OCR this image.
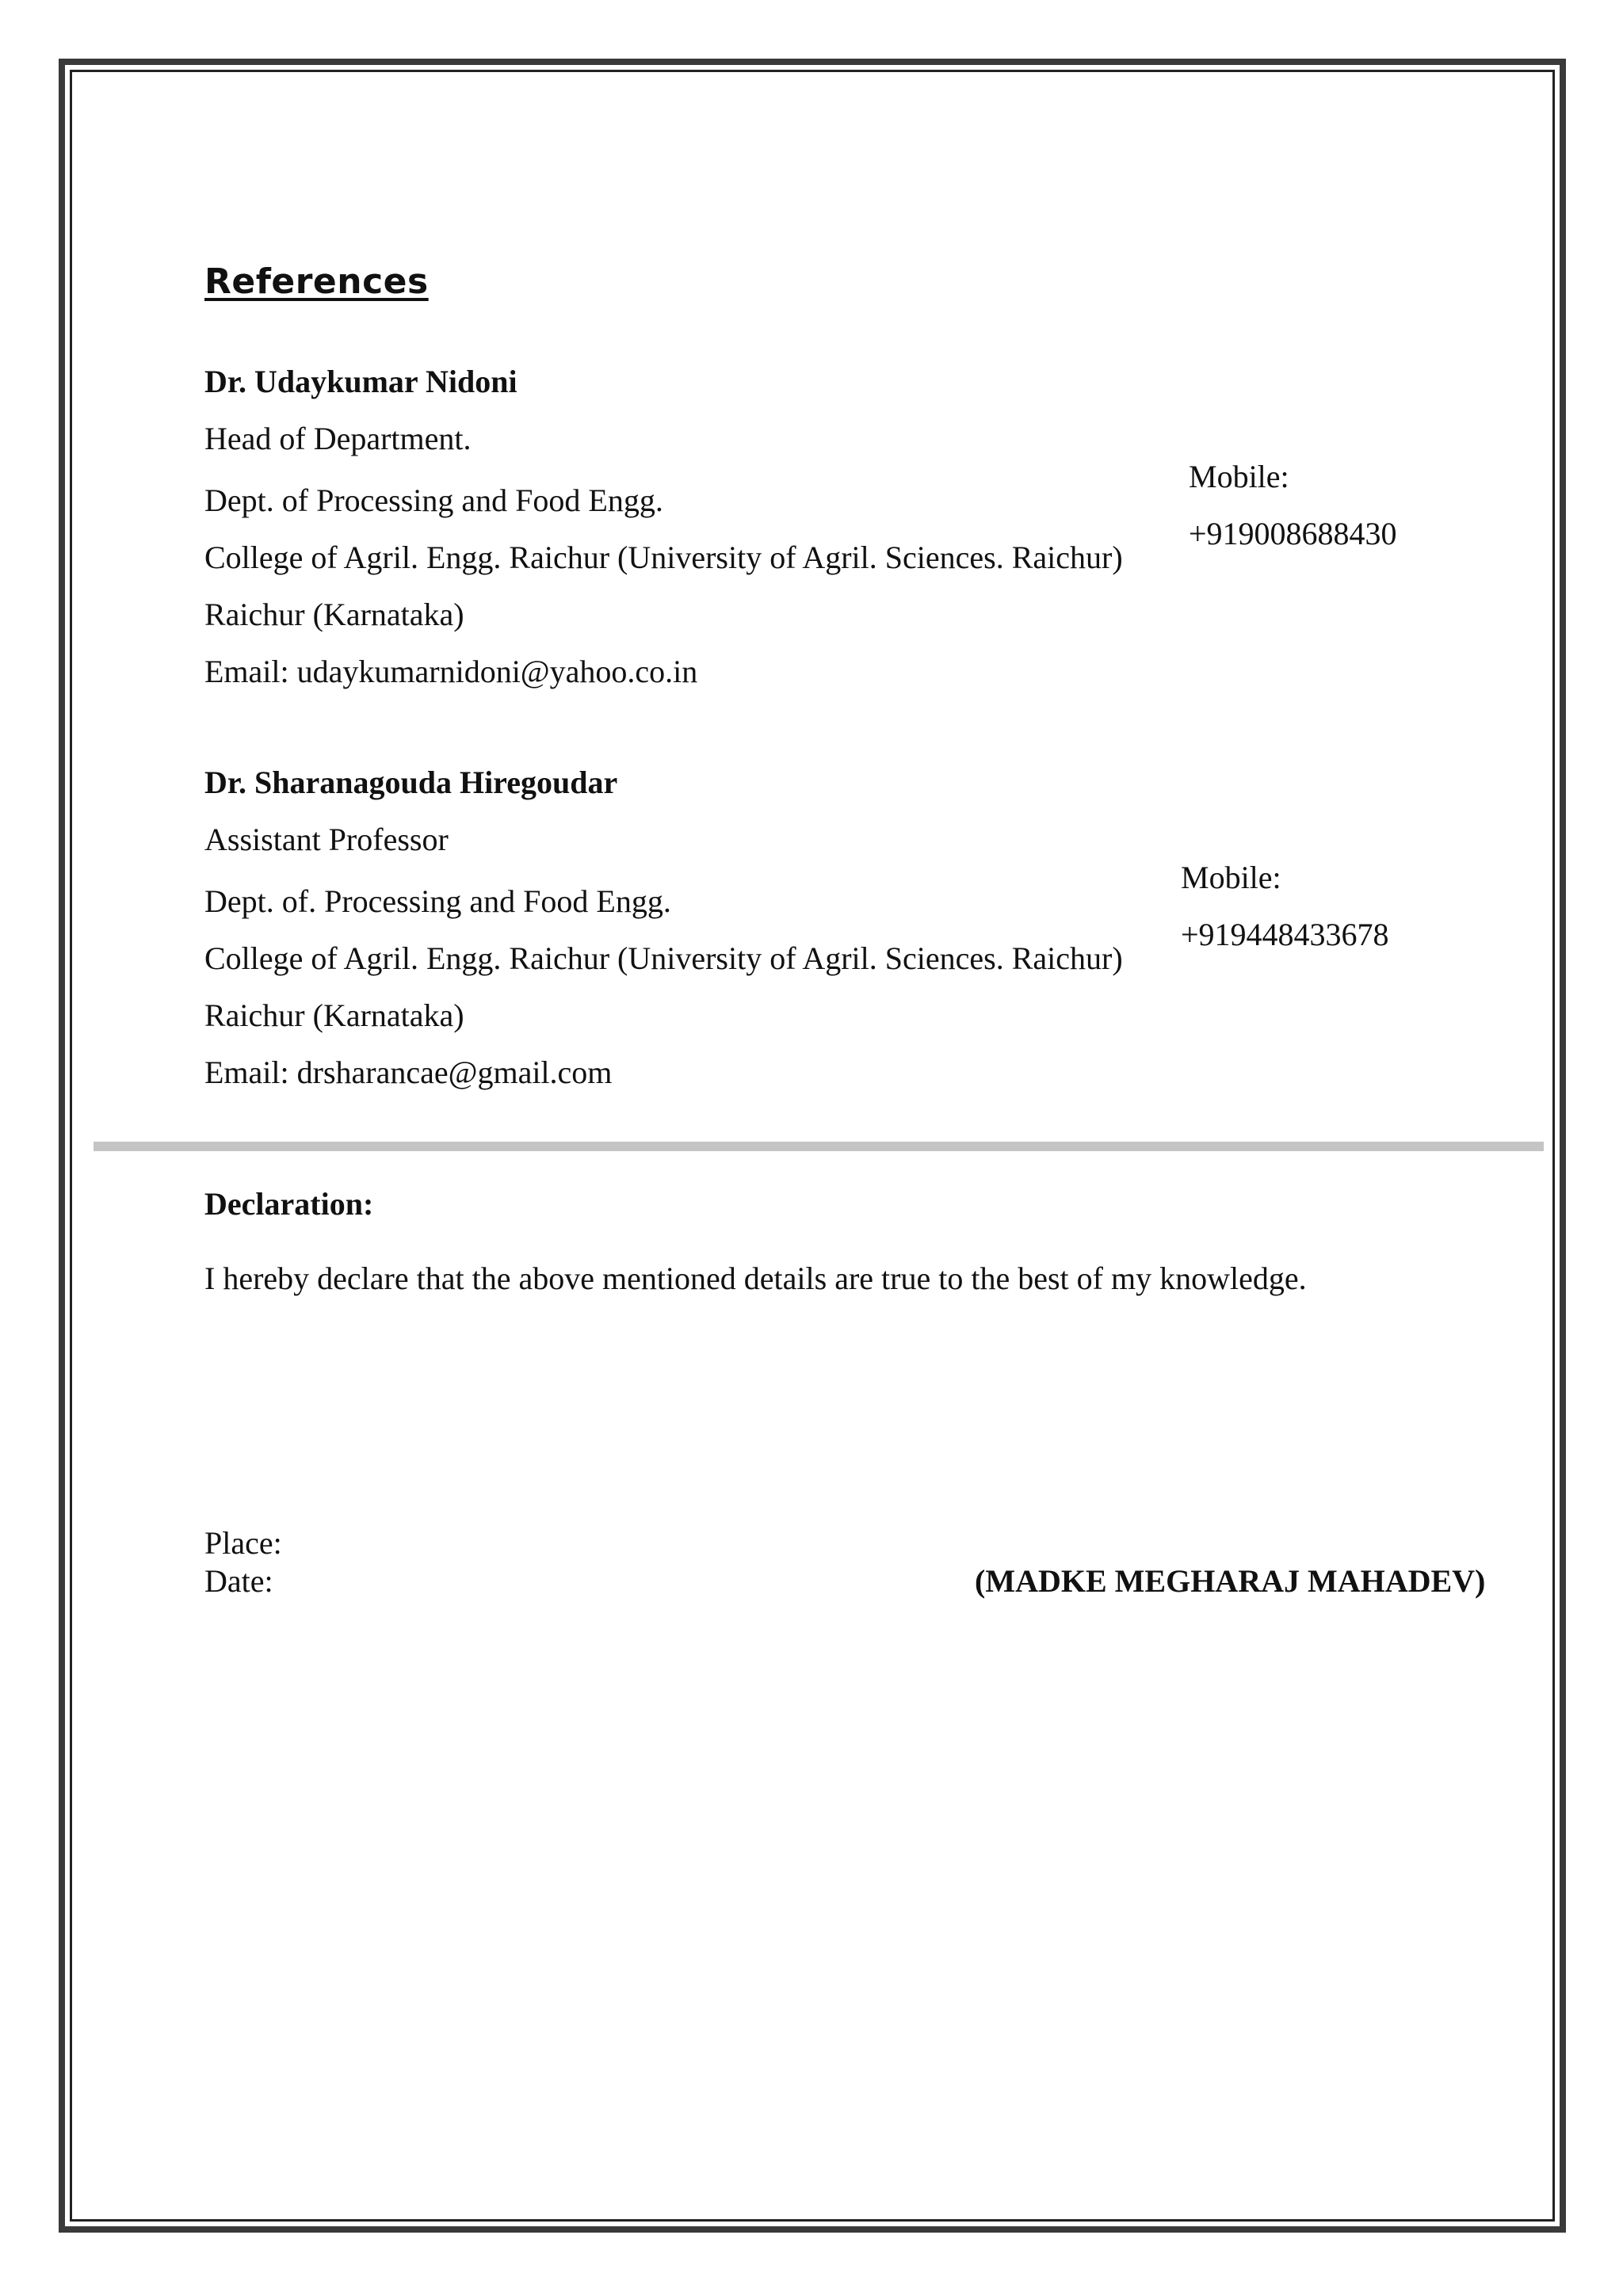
References
Dr. Udaykumar Nidoni
Head of Department.
Dept. of Processing and Food Engg.
College of Agril. Engg. Raichur (University of Agril. Sciences. Raichur)
Raichur (Karnataka)
Email: udaykumarnidoni@yahoo.co.in
Mobile:
+919008688430
Dr. Sharanagouda Hiregoudar
Assistant Professor
Dept. of. Processing and Food Engg.
College of Agril. Engg. Raichur (University of Agril. Sciences. Raichur)
Raichur (Karnataka)
Email: drsharancae@gmail.com
Mobile:
+919448433678
Declaration:

I hereby declare that the above mentioned details are true to the best of my knowledge.

Place:
Date:	(MADKE MEGHARAJ MAHADEV)
